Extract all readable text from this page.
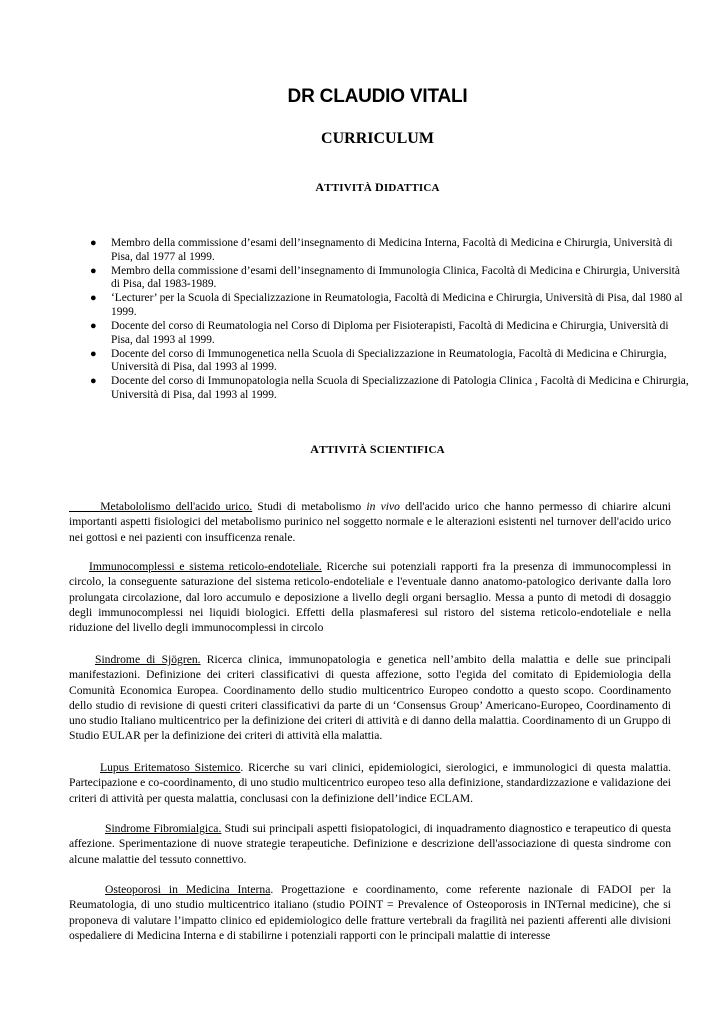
DR CLAUDIO VITALI
CURRICULUM
ATTIVITÀ DIDATTICA
● Membro della commissione d’esami dell’insegnamento di Medicina Interna, Facoltà di Medicina e Chirurgia, Università di Pisa, dal 1977 al 1999.
● Membro della commissione d’esami dell’insegnamento di Immunologia Clinica, Facoltà di Medicina e Chirurgia, Università di Pisa, dal 1983-1989.
● ‘Lecturer’ per la Scuola di Specializzazione in Reumatologia, Facoltà di Medicina e Chirurgia, Università di Pisa, dal 1980 al 1999.
● Docente del corso di Reumatologia nel Corso di Diploma per Fisioterapisti, Facoltà di Medicina e Chirurgia, Università di Pisa, dal 1993 al 1999.
● Docente del corso di Immunogenetica nella Scuola di Specializzazione in Reumatologia, Facoltà di Medicina e Chirurgia, Università di Pisa, dal 1993 al 1999.
● Docente del corso di Immunopatologia nella Scuola di Specializzazione di Patologia Clinica , Facoltà di Medicina e Chirurgia, Università di Pisa, dal 1993 al 1999.
ATTIVITÀ SCIENTIFICA

Metabololismo dell'acido urico. Studi di metabolismo in vivo dell'acido urico che hanno permesso di chiarire alcuni importanti aspetti fisiologici del metabolismo purinico nel soggetto normale e le alterazioni esistenti nel turnover dell'acido urico nei gottosi e nei pazienti con insufficenza renale.

Immunocomplessi e sistema reticolo-endoteliale. Ricerche sui potenziali rapporti fra la presenza di immunocomplessi in circolo, la conseguente saturazione del sistema reticolo-endoteliale e l'eventuale danno anatomo-patologico derivante dalla loro prolungata circolazione, dal loro accumulo e deposizione a livello degli organi bersaglio. Messa a punto di metodi di dosaggio degli immunocomplessi nei liquidi biologici. Effetti della plasmaferesi sul ristoro del sistema reticolo-endoteliale e nella riduzione del livello degli immunocomplessi in circolo

Sindrome di Sjögren. Ricerca clinica, immunopatologia e genetica nell’ambito della malattia e delle sue principali manifestazioni. Definizione dei criteri classificativi di questa affezione, sotto l'egida del comitato di Epidemiologia della Comunità Economica Europea. Coordinamento dello studio multicentrico Europeo condotto a questo scopo. Coordinamento dello studio di revisione di questi criteri classificativi da parte di un ‘Consensus Group’ Americano-Europeo, Coordinamento di uno studio Italiano multicentrico per la definizione dei criteri di attività e di danno della malattia. Coordinamento di un Gruppo di Studio EULAR per la definizione dei criteri di attività ella malattia.

Lupus Eritematoso Sistemico. Ricerche su vari clinici, epidemiologici, sierologici, e immunologici di questa malattia. Partecipazione e co-coordinamento, di uno studio multicentrico europeo teso alla definizione, standardizzazione e validazione dei criteri di attività per questa malattia, conclusasi con la definizione dell’indice ECLAM.

Sindrome Fibromialgica. Studi sui principali aspetti fisiopatologici, di inquadramento diagnostico e terapeutico di questa affezione. Sperimentazione di nuove strategie terapeutiche. Definizione e descrizione dell'associazione di questa sindrome con alcune malattie del tessuto connettivo.

Osteoporosi in Medicina Interna. Progettazione e coordinamento, come referente nazionale di FADOI per la Reumatologia, di uno studio multicentrico italiano (studio POINT = Prevalence of Osteoporosis in INTernal medicine), che si proponeva di valutare l’impatto clinico ed epidemiologico delle fratture vertebrali da fragilità nei pazienti afferenti alle divisioni ospedaliere di Medicina Interna e di stabilirne i potenziali rapporti con le principali malattie di interesse
